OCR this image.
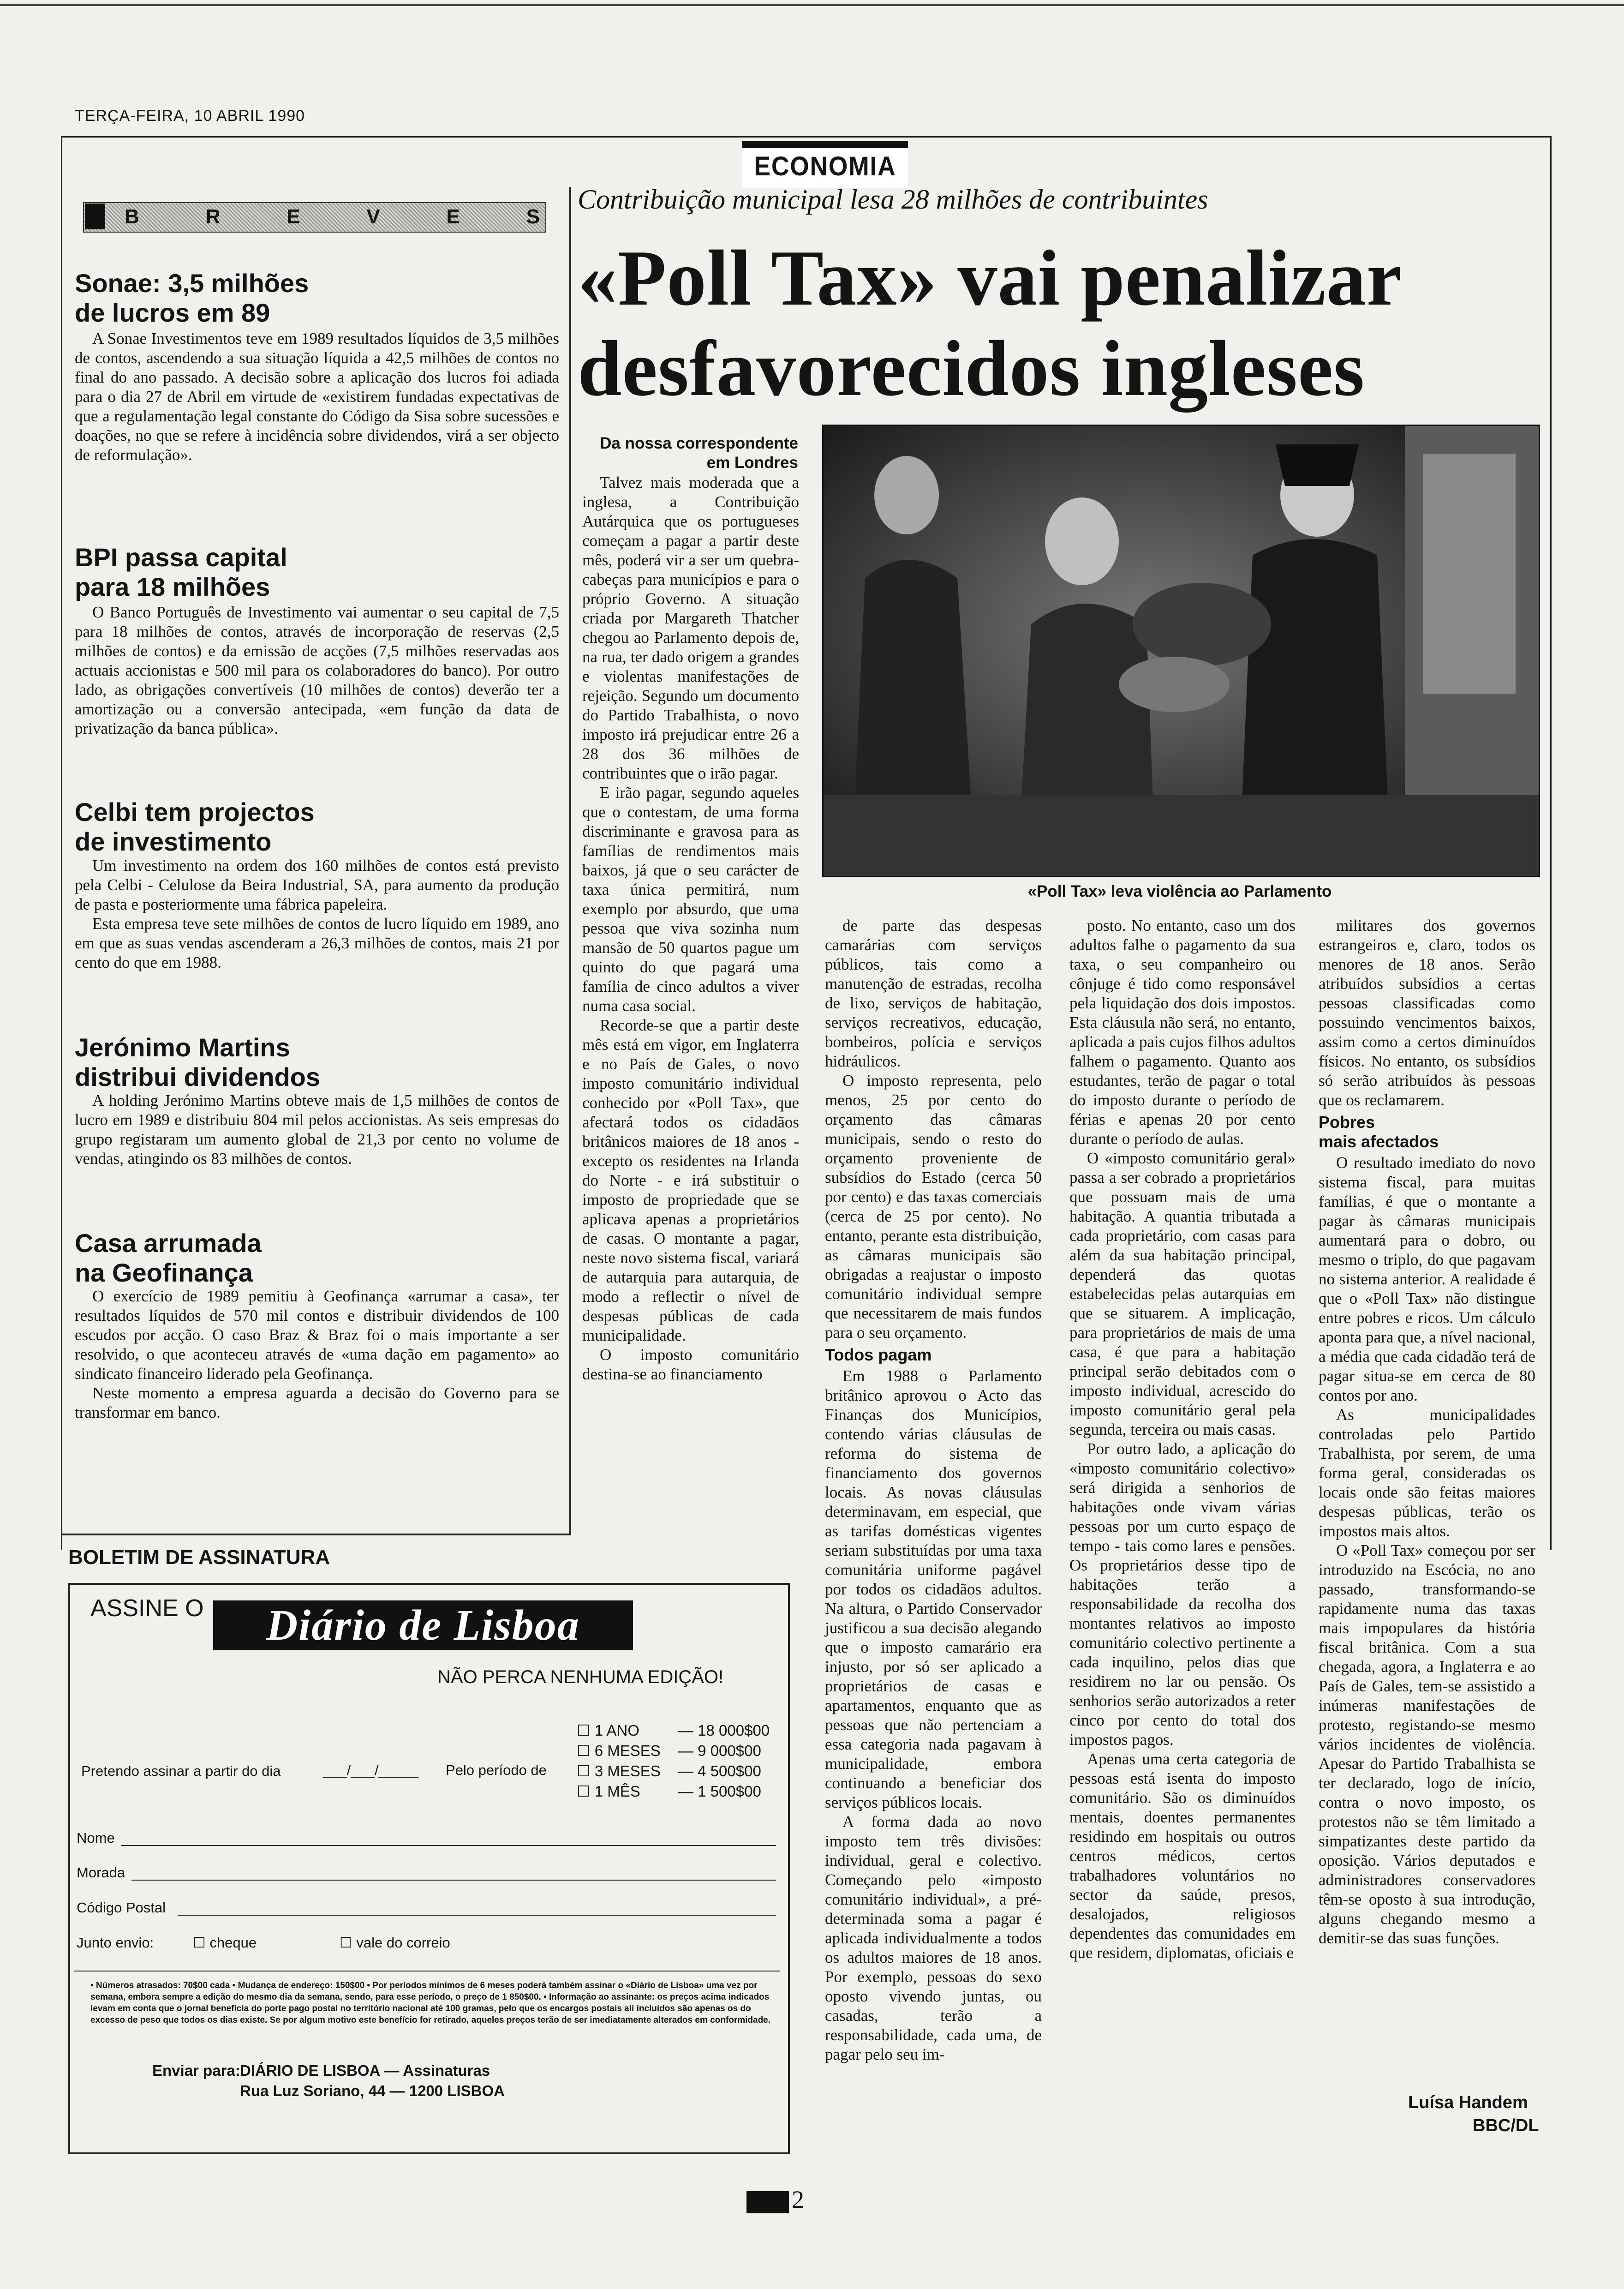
TERÇA-FEIRA, 10 ABRIL 1990
ECONOMIA
B	R	E	V	E	S
Sonae: 3,5 milhões
de lucros em 89

A Sonae Investimentos teve em 1989 resultados líquidos de 3,5 milhões de contos, ascendendo a sua situação líquida a 42,5 milhões de contos no final do ano passado. A decisão sobre a aplicação dos lucros foi adiada para o dia 27 de Abril em virtude de «existirem fundadas expectativas de que a regulamentação legal constante do Código da Sisa sobre sucessões e doações, no que se refere à incidência sobre dividendos, virá a ser objecto de reformulação».

BPI passa capital
para 18 milhões

O Banco Português de Investimento vai aumentar o seu capital de 7,5 para 18 milhões de contos, através de incorporação de reservas (2,5 milhões de contos) e da emissão de acções (7,5 milhões reservadas aos actuais accionistas e 500 mil para os colaboradores do banco). Por outro lado, as obrigações convertíveis (10 milhões de contos) deverão ter a amortização ou a conversão antecipada, «em função da data de privatização da banca pública».

Celbi tem projectos
de investimento

Um investimento na ordem dos 160 milhões de contos está previsto pela Celbi - Celulose da Beira Industrial, SA, para aumento da produção de pasta e posteriormente uma fábrica papeleira.

Esta empresa teve sete milhões de contos de lucro líquido em 1989, ano em que as suas vendas ascenderam a 26,3 milhões de contos, mais 21 por cento do que em 1988.

Jerónimo Martins
distribui dividendos

A holding Jerónimo Martins obteve mais de 1,5 milhões de contos de lucro em 1989 e distribuiu 804 mil pelos accionistas. As seis empresas do grupo registaram um aumento global de 21,3 por cento no volume de vendas, atingindo os 83 milhões de contos.

Casa arrumada
na Geofinança

O exercício de 1989 pemitiu à Geofinança «arrumar a casa», ter resultados líquidos de 570 mil contos e distribuir dividendos de 100 escudos por acção. O caso Braz & Braz foi o mais importante a ser resolvido, o que aconteceu através de «uma dação em pagamento» ao sindicato financeiro liderado pela Geofinança.

Neste momento a empresa aguarda a decisão do Governo para se transformar em banco.

Contribuição municipal lesa 28 milhões de contribuintes
«Poll Tax» vai penalizar
desfavorecidos ingleses
Da nossa correspondente
em Londres
«Poll Tax» leva violência ao Parlamento

Talvez mais moderada que a inglesa, a Contribuição Autárquica que os portugueses começam a pagar a partir deste mês, poderá vir a ser um quebra-cabeças para municípios e para o próprio Governo. A situação criada por Margareth Thatcher chegou ao Parlamento depois de, na rua, ter dado origem a grandes e violentas manifestações de rejeição. Segundo um documento do Partido Trabalhista, o novo imposto irá prejudicar entre 26 a 28 dos 36 milhões de contribuintes que o irão pagar.

E irão pagar, segundo aqueles que o contestam, de uma forma discriminante e gravosa para as famílias de rendimentos mais baixos, já que o seu carácter de taxa única permitirá, num exemplo por absurdo, que uma pessoa que viva sozinha num mansão de 50 quartos pague um quinto do que pagará uma família de cinco adultos a viver numa casa social.

Recorde-se que a partir deste mês está em vigor, em Inglaterra e no País de Gales, o novo imposto comunitário individual conhecido por «Poll Tax», que afectará todos os cidadãos britânicos maiores de 18 anos - excepto os residentes na Irlanda do Norte - e irá substituir o imposto de propriedade que se aplicava apenas a proprietários de casas. O montante a pagar, neste novo sistema fiscal, variará de autarquia para autarquia, de modo a reflectir o nível de despesas públicas de cada municipalidade.

O imposto comunitário destina-se ao financiamento

de parte das despesas camarárias com serviços públicos, tais como a manutenção de estradas, recolha de lixo, serviços de habitação, serviços recreativos, educação, bombeiros, polícia e serviços hidráulicos.

O imposto representa, pelo menos, 25 por cento do orçamento das câmaras municipais, sendo o resto do orçamento proveniente de subsídios do Estado (cerca 50 por cento) e das taxas comerciais (cerca de 25 por cento). No entanto, perante esta distribuição, as câmaras municipais são obrigadas a reajustar o imposto comunitário individual sempre que necessitarem de mais fundos para o seu orçamento.

Todos pagam

Em 1988 o Parlamento britânico aprovou o Acto das Finanças dos Municípios, contendo várias cláusulas de reforma do sistema de financiamento dos governos locais. As novas cláusulas determinavam, em especial, que as tarifas domésticas vigentes seriam substituídas por uma taxa comunitária uniforme pagável por todos os cidadãos adultos. Na altura, o Partido Conservador justificou a sua decisão alegando que o imposto camarário era injusto, por só ser aplicado a proprietários de casas e apartamentos, enquanto que as pessoas que não pertenciam a essa categoria nada pagavam à municipalidade, embora continuando a beneficiar dos serviços públicos locais.

A forma dada ao novo imposto tem três divisões: individual, geral e colectivo. Começando pelo «imposto comunitário individual», a pré-determinada soma a pagar é aplicada individualmente a todos os adultos maiores de 18 anos. Por exemplo, pessoas do sexo oposto vivendo juntas, ou casadas, terão a responsabilidade, cada uma, de pagar pelo seu im-

posto. No entanto, caso um dos adultos falhe o pagamento da sua taxa, o seu companheiro ou cônjuge é tido como responsável pela liquidação dos dois impostos. Esta cláusula não será, no entanto, aplicada a pais cujos filhos adultos falhem o pagamento. Quanto aos estudantes, terão de pagar o total do imposto durante o período de férias e apenas 20 por cento durante o período de aulas.

O «imposto comunitário geral» passa a ser cobrado a proprietários que possuam mais de uma habitação. A quantia tributada a cada proprietário, com casas para além da sua habitação principal, dependerá das quotas estabelecidas pelas autarquias em que se situarem. A implicação, para proprietários de mais de uma casa, é que para a habitação principal serão debitados com o imposto individual, acrescido do imposto comunitário geral pela segunda, terceira ou mais casas.

Por outro lado, a aplicação do «imposto comunitário colectivo» será dirigida a senhorios de habitações onde vivam várias pessoas por um curto espaço de tempo - tais como lares e pensões. Os proprietários desse tipo de habitações terão a responsabilidade da recolha dos montantes relativos ao imposto comunitário colectivo pertinente a cada inquilino, pelos dias que residirem no lar ou pensão. Os senhorios serão autorizados a reter cinco por cento do total dos impostos pagos.

Apenas uma certa categoria de pessoas está isenta do imposto comunitário. São os diminuídos mentais, doentes permanentes residindo em hospitais ou outros centros médicos, certos trabalhadores voluntários no sector da saúde, presos, desalojados, religiosos dependentes das comunidades em que residem, diplomatas, oficiais e

militares dos governos estrangeiros e, claro, todos os menores de 18 anos. Serão atribuídos subsídios a certas pessoas classificadas como possuindo vencimentos baixos, assim como a certos diminuídos físicos. No entanto, os subsídios só serão atribuídos às pessoas que os reclamarem.

Pobres
mais afectados

O resultado imediato do novo sistema fiscal, para muitas famílias, é que o montante a pagar às câmaras municipais aumentará para o dobro, ou mesmo o triplo, do que pagavam no sistema anterior. A realidade é que o «Poll Tax» não distingue entre pobres e ricos. Um cálculo aponta para que, a nível nacional, a média que cada cidadão terá de pagar situa-se em cerca de 80 contos por ano.

As municipalidades controladas pelo Partido Trabalhista, por serem, de uma forma geral, consideradas os locais onde são feitas maiores despesas públicas, terão os impostos mais altos.

O «Poll Tax» começou por ser introduzido na Escócia, no ano passado, transformando-se rapidamente numa das taxas mais impopulares da história fiscal britânica. Com a sua chegada, agora, a Inglaterra e ao País de Gales, tem-se assistido a inúmeras manifestações de protesto, registando-se mesmo vários incidentes de violência. Apesar do Partido Trabalhista se ter declarado, logo de início, contra o novo imposto, os protestos não se têm limitado a simpatizantes deste partido da oposição. Vários deputados e administradores conservadores têm-se oposto à sua introdução, alguns chegando mesmo a demitir-se das suas funções.

Luísa Handem
BBC/DL
BOLETIM DE ASSINATURA
ASSINE O	Diário de Lisboa
NÃO PERCA NENHUMA EDIÇÃO!
☐ 1 ANO	— 18 000$00
☐ 6 MESES — 9 000$00
☐ 3 MESES — 4 500$00
☐ 1 MÊS — 1 500$00
Pretendo assinar a partir do dia	___/___/_____ Pelo período de
Nome
Morada
Código Postal
Junto envio:	☐ cheque	☐ vale do correio
• Números atrasados: 70$00 cada • Mudança de endereço: 150$00 • Por períodos mínimos de 6 meses poderá também assinar o «Diário de Lisboa» uma vez por semana, embora sempre a edição do mesmo dia da semana, sendo, para esse período, o preço de 1 850$00. • Informação ao assinante: os preços acima indicados levam em conta que o jornal beneficia do porte pago postal no território nacional até 100 gramas, pelo que os encargos postais ali incluídos são apenas os do excesso de peso que todos os dias existe. Se por algum motivo este benefício for retirado, aqueles preços terão de ser imediatamente alterados em conformidade.
Enviar para: DIÁRIO DE LISBOA — Assinaturas
Rua Luz Soriano, 44 — 1200 LISBOA
2
